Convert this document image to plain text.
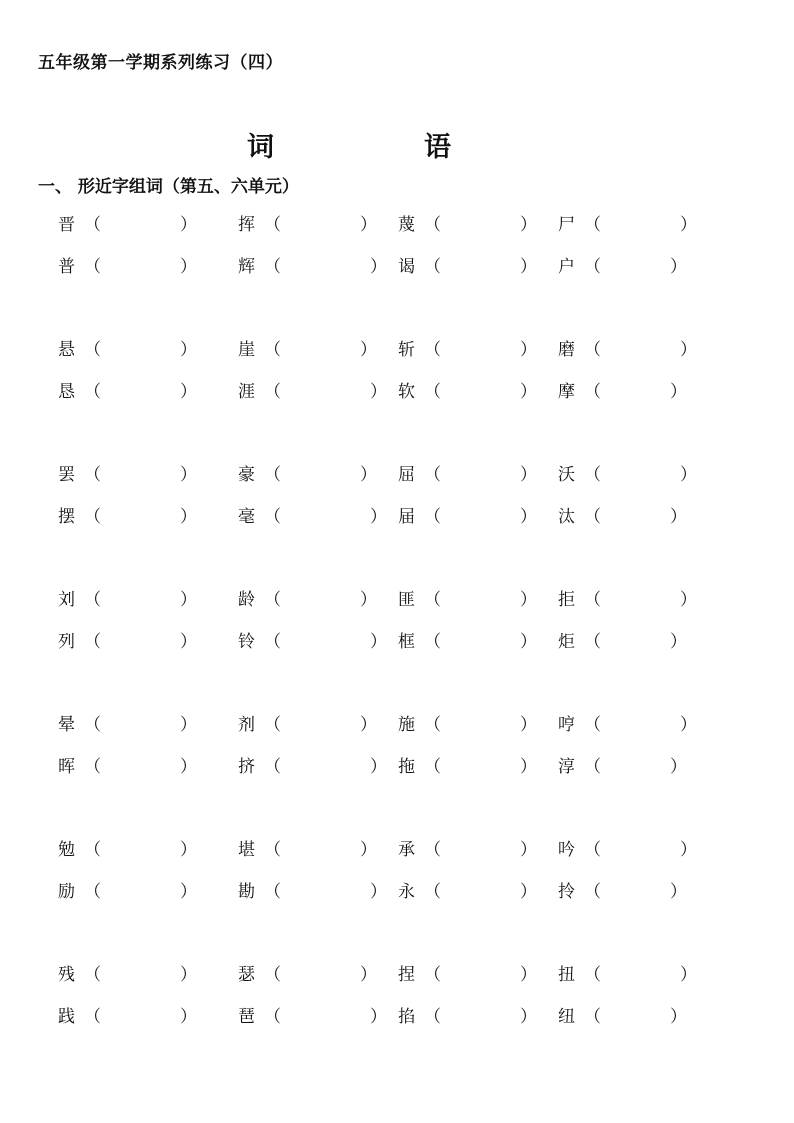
五年级第一学期系列练习（四）
词	语
一、 形近字组词（第五、六单元）
晋 （	） 挥 （	） 蔑 （	） 尸 （	）
普 （	） 辉 （	） 谒 （	） 户 （	）
悬 （	） 崖 （	） 斩 （	） 磨 （	）
恳 （	） 涯 （	） 软 （	） 摩 （	）
罢 （	） 豪 （	） 屈 （	） 沃 （	）
摆 （	） 毫 （	） 届 （	） 汰 （	）
刘 （	） 龄 （	） 匪 （	） 拒 （	）
列 （	） 铃 （	） 框 （	） 炬 （	）
晕 （	） 剂 （	） 施 （	） 哼 （	）
晖 （	） 挤 （	） 拖 （	） 淳 （	）
勉 （	） 堪 （	） 承 （	） 吟 （	）
励 （	） 勘 （	） 永 （	） 拎 （	）
残 （	） 瑟 （	） 捏 （	） 扭 （	）
践 （	） 琶 （	） 掐 （	） 纽 （	）
